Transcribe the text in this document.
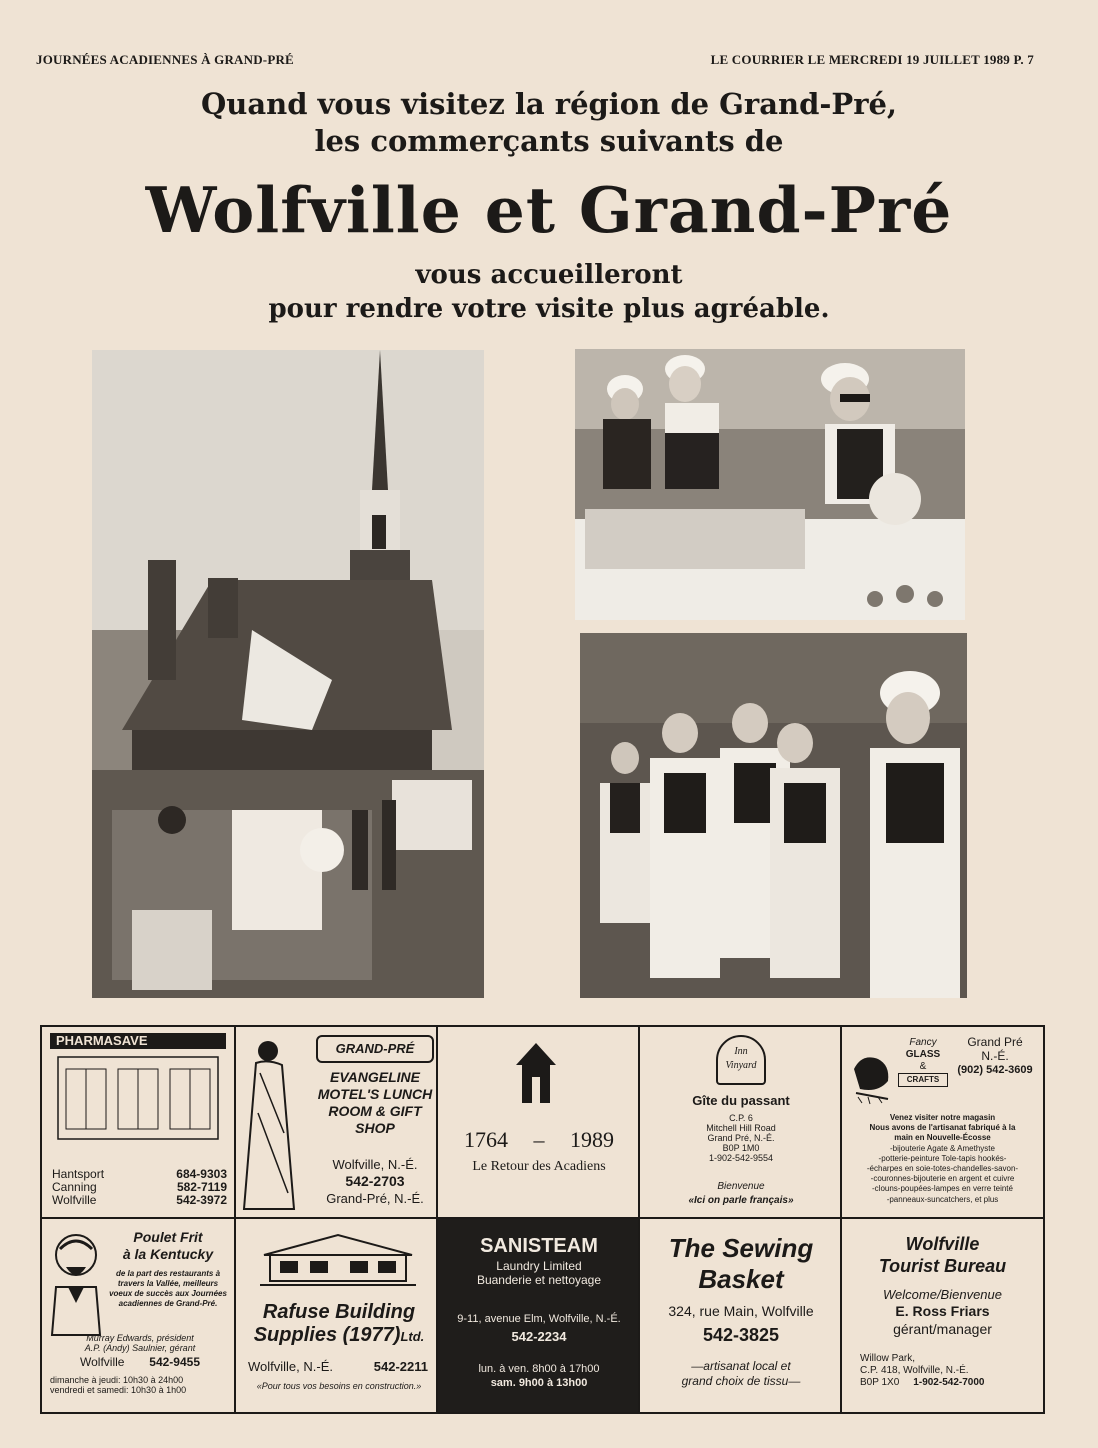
JOURNÉES ACADIENNES À GRAND-PRÉ	LE COURRIER LE MERCREDI 19 JUILLET 1989 P. 7
Quand vous visitez la région de Grand-Pré,
les commerçants suivants de
Wolfville et Grand-Pré
vous accueilleront
pour rendre votre visite plus agréable.
PHARMASAVE
Hantsport	684-9303
Canning	582-7119
Wolfville	542-3972
GRAND-PRÉ
EVANGELINE MOTEL'S LUNCH ROOM & GIFT SHOP
Wolfville, N.-É.
542-2703
Grand-Pré, N.-É.
1764 – 1989
Le Retour des Acadiens
Inn
Vinyard
Gîte du passant
C.P. 6
Mitchell Hill Road
Grand Pré, N.-É.
B0P 1M0
1-902-542-9554
Bienvenue
«Ici on parle français»
Fancy
GLASS
&
CRAFTS
Grand Pré
N.-É.
(902) 542-3609
Venez visiter notre magasin
Nous avons de l'artisanat fabriqué à la
main en Nouvelle-Écosse
-bijouterie Agate & Amethyste
-potterie-peinture Tole-tapis hookés-
-écharpes en soie-totes-chandelles-savon-
-couronnes-bijouterie en argent et cuivre
-clouns-poupées-lampes en verre teinté
-panneaux-suncatchers, et plus
Poulet Frit
à la Kentucky
de la part des restaurants à travers la Vallée, meilleurs voeux de succès aux Journées acadiennes de Grand-Pré.
Murray Edwards, président
A.P. (Andy) Saulnier, gérant
Wolfville 542-9455
dimanche à jeudi: 10h30 à 24h00
vendredi et samedi: 10h30 à 1h00
Rafuse Building
Supplies (1977)Ltd.
Wolfville, N.-É.	542-2211
«Pour tous vos besoins en construction.»
SANISTEAM
Laundry Limited
Buanderie et nettoyage
9-11, avenue Elm, Wolfville, N.-É.
542-2234
lun. à ven. 8h00 à 17h00
sam. 9h00 à 13h00
The Sewing
Basket
324, rue Main, Wolfville
542-3825
—artisanat local et
grand choix de tissu—
Wolfville
Tourist Bureau
Welcome/Bienvenue
E. Ross Friars
gérant/manager
Willow Park,
C.P. 418, Wolfville, N.-É.
B0P 1X0 1-902-542-7000
